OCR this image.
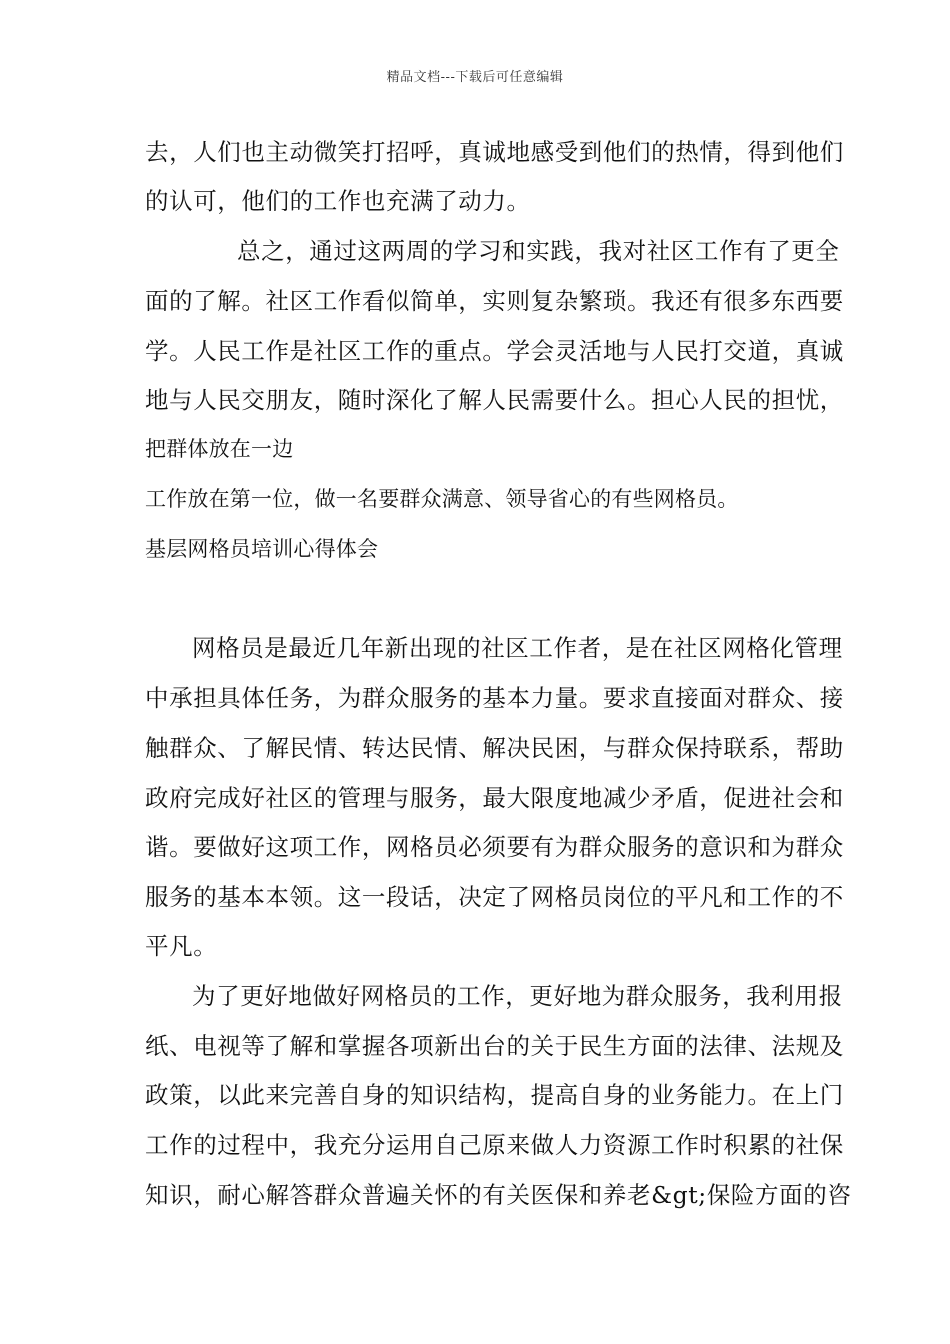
精品文档---下载后可任意编辑
去，人们也主动微笑打招呼，真诚地感受到他们的热情，得到他们
的认可，他们的工作也充满了动力。
总之，通过这两周的学习和实践，我对社区工作有了更全
面的了解。社区工作看似简单，实则复杂繁琐。我还有很多东西要
学。人民工作是社区工作的重点。学会灵活地与人民打交道，真诚
地与人民交朋友，随时深化了解人民需要什么。担心人民的担忧，
把群体放在一边
工作放在第一位，做一名要群众满意、领导省心的有些网格员。
基层网格员培训心得体会
网格员是最近几年新出现的社区工作者，是在社区网格化管理
中承担具体任务，为群众服务的基本力量。要求直接面对群众、接
触群众、了解民情、转达民情、解决民困，与群众保持联系，帮助
政府完成好社区的管理与服务，最大限度地减少矛盾，促进社会和
谐。要做好这项工作，网格员必须要有为群众服务的意识和为群众
服务的基本本领。这一段话，决定了网格员岗位的平凡和工作的不
平凡。
为了更好地做好网格员的工作，更好地为群众服务，我利用报
纸、电视等了解和掌握各项新出台的关于民生方面的法律、法规及
政策，以此来完善自身的知识结构，提高自身的业务能力。在上门
工作的过程中，我充分运用自己原来做人力资源工作时积累的社保
知识，耐心解答群众普遍关怀的有关医保和养老&gt;保险方面的咨
